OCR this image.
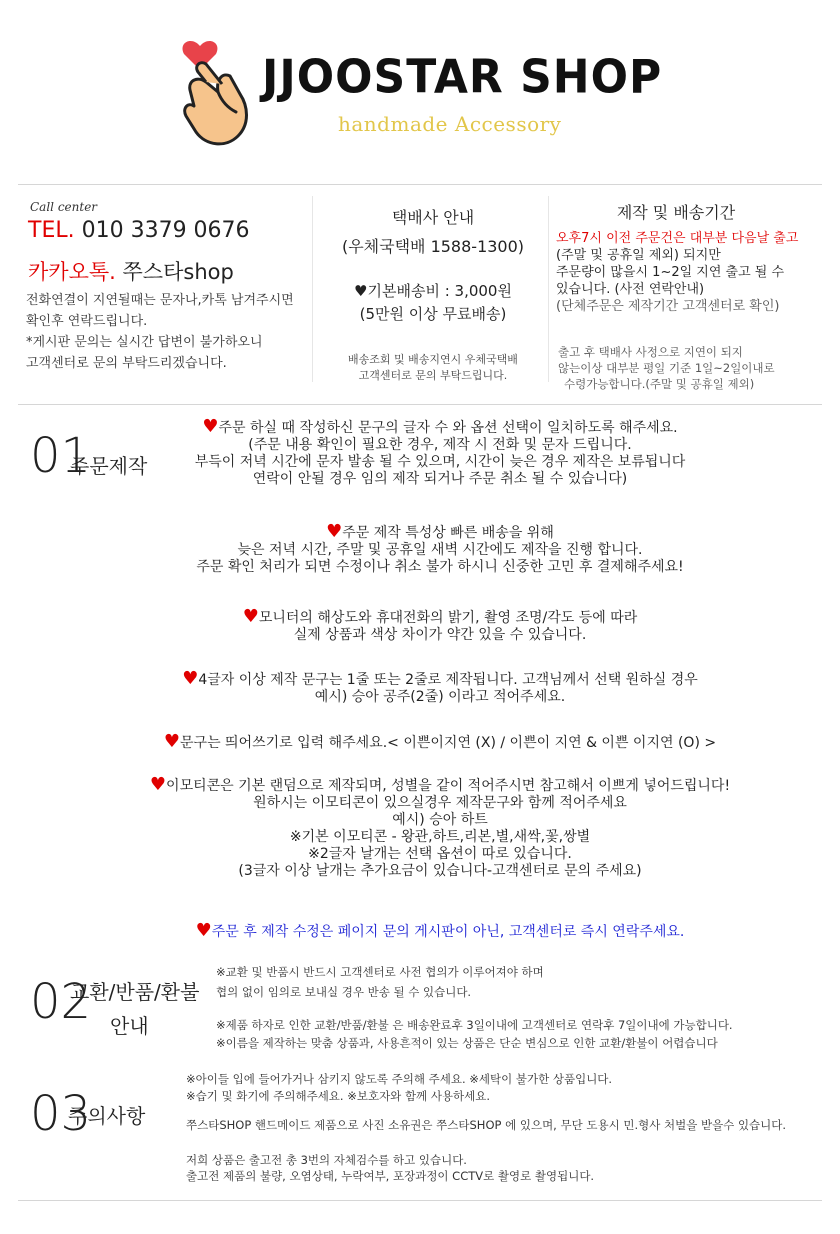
JJOOSTAR SHOP
handmade Accessory
Call center
TEL. 010 3379 0676
카카오톡. 쭈스타shop
전화연결이 지연될때는 문자나,카톡 남겨주시면
확인후 연락드립니다.
*게시판 문의는 실시간 답변이 불가하오니
고객센터로 문의 부탁드리겠습니다.
택배사 안내
(우체국택배 1588-1300)
♥기본배송비 : 3,000원
(5만원 이상 무료배송)
배송조회 및 배송지연시 우체국택배
고객센터로 문의 부탁드립니다.
제작 및 배송기간
오후7시 이전 주문건은 대부분 다음날 출고
(주말 및 공휴일 제외) 되지만
주문량이 많을시 1~2일 지연 출고 될 수
있습니다. (사전 연락안내)
(단체주문은 제작기간 고객센터로 확인)
출고 후 택배사 사정으로 지연이 되지
않는이상 대부분 평일 기준 1일~2일이내로
수령가능합니다.(주말 및 공휴일 제외)
01
주문제작
♥주문 하실 때 작성하신 문구의 글자 수 와 옵션 선택이 일치하도록 해주세요.
(주문 내용 확인이 필요한 경우, 제작 시 전화 및 문자 드립니다.
부득이 저녁 시간에 문자 발송 될 수 있으며, 시간이 늦은 경우 제작은 보류됩니다
연락이 안될 경우 임의 제작 되거나 주문 취소 될 수 있습니다)
♥주문 제작 특성상 빠른 배송을 위해
늦은 저녁 시간, 주말 및 공휴일 새벽 시간에도 제작을 진행 합니다.
주문 확인 처리가 되면 수정이나 취소 불가 하시니 신중한 고민 후 결제해주세요!
♥모니터의 해상도와 휴대전화의 밝기, 촬영 조명/각도 등에 따라
실제 상품과 색상 차이가 약간 있을 수 있습니다.
♥4글자 이상 제작 문구는 1줄 또는 2줄로 제작됩니다. 고객님께서 선택 원하실 경우
예시) 승아 공주(2줄) 이라고 적어주세요.
♥문구는 띄어쓰기로 입력 해주세요.< 이쁜이지연 (X) / 이쁜이 지연 & 이쁜 이지연 (O) >
♥이모티콘은 기본 랜덤으로 제작되며, 성별을 같이 적어주시면 참고해서 이쁘게 넣어드립니다!
원하시는 이모티콘이 있으실경우 제작문구와 함께 적어주세요
예시) 승아 하트
※기본 이모티콘 - 왕관,하트,리본,별,새싹,꽃,쌍별
※2글자 날개는 선택 옵션이 따로 있습니다.
(3글자 이상 날개는 추가요금이 있습니다-고객센터로 문의 주세요)
♥주문 후 제작 수정은 페이지 문의 게시판이 아닌, 고객센터로 즉시 연락주세요.
02
교환/반품/환불
안내
※교환 및 반품시 반드시 고객센터로 사전 협의가 이루어져야 하며
협의 없이 임의로 보내실 경우 반송 될 수 있습니다.
※제품 하자로 인한 교환/반품/환불 은 배송완료후 3일이내에 고객센터로 연락후 7일이내에 가능합니다.
※이름을 제작하는 맞춤 상품과, 사용흔적이 있는 상품은 단순 변심으로 인한 교환/환불이 어렵습니다
03
주의사항
※아이들 입에 들어가거나 삼키지 않도록 주의해 주세요. ※세탁이 불가한 상품입니다.
※습기 및 화기에 주의해주세요. ※보호자와 함께 사용하세요.
쭈스타SHOP 핸드메이드 제품으로 사진 소유권은 쭈스타SHOP 에 있으며, 무단 도용시 민.형사 처벌을 받을수 있습니다.
저희 상품은 출고전 총 3번의 자체검수를 하고 있습니다.
출고전 제품의 불량, 오염상태, 누락여부, 포장과정이 CCTV로 촬영로 촬영됩니다.
